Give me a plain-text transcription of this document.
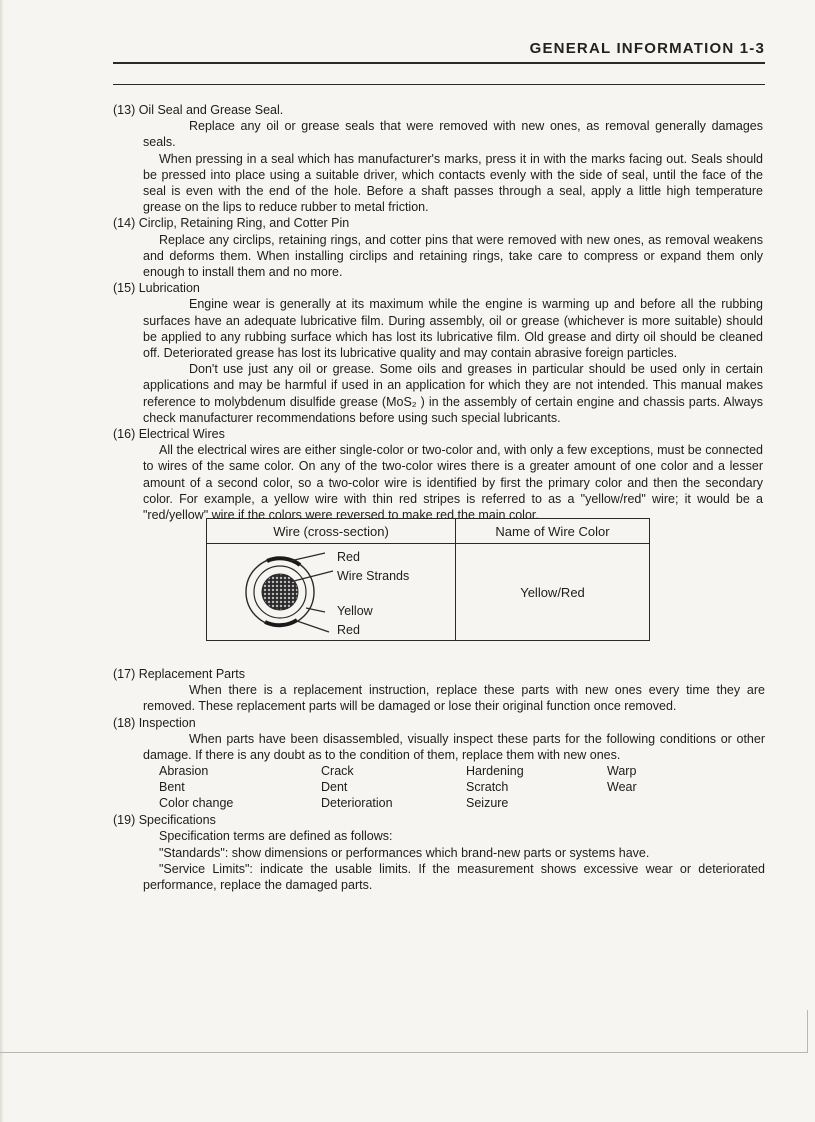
GENERAL INFORMATION 1-3

(13) Oil Seal and Grease Seal.

Replace any oil or grease seals that were removed with new ones, as removal generally damages seals.

When pressing in a seal which has manufacturer's marks, press it in with the marks facing out. Seals should be pressed into place using a suitable driver, which contacts evenly with the side of seal, until the face of the seal is even with the end of the hole. Before a shaft passes through a seal, apply a little high temperature grease on the lips to reduce rubber to metal friction.

(14) Circlip, Retaining Ring, and Cotter Pin

Replace any circlips, retaining rings, and cotter pins that were removed with new ones, as removal weakens and deforms them. When installing circlips and retaining rings, take care to compress or expand them only enough to install them and no more.

(15) Lubrication

Engine wear is generally at its maximum while the engine is warming up and before all the rubbing surfaces have an adequate lubricative film. During assembly, oil or grease (whichever is more suitable) should be applied to any rubbing surface which has lost its lubricative film. Old grease and dirty oil should be cleaned off. Deteriorated grease has lost its lubricative quality and may contain abrasive foreign particles.

Don't use just any oil or grease. Some oils and greases in particular should be used only in certain applications and may be harmful if used in an application for which they are not intended. This manual makes reference to molybdenum disulfide grease (MoS₂ ) in the assembly of certain engine and chassis parts. Always check manufacturer recommendations before using such special lubricants.

(16) Electrical Wires

All the electrical wires are either single-color or two-color and, with only a few exceptions, must be connected to wires of the same color. On any of the two-color wires there is a greater amount of one color and a lesser amount of a second color, so a two-color wire is identified by first the primary color and then the secondary color. For example, a yellow wire with thin red stripes is referred to as a "yellow/red" wire; it would be a "red/yellow" wire if the colors were reversed to make red the main color.

Wire (cross-section)	Name of Wire Color

Red
Wire Strands
Yellow
Red	Yellow/Red

(17) Replacement Parts

When there is a replacement instruction, replace these parts with new ones every time they are removed. These replacement parts will be damaged or lose their original function once removed.

(18) Inspection

When parts have been disassembled, visually inspect these parts for the following conditions or other damage. If there is any doubt as to the condition of them, replace them with new ones.

Abrasion	Crack	Hardening	Warp
Bent	Dent	Scratch	Wear
Color change	Deterioration	Seizure

(19) Specifications

Specification terms are defined as follows:

"Standards": show dimensions or performances which brand-new parts or systems have.

"Service Limits": indicate the usable limits. If the measurement shows excessive wear or deteriorated performance, replace the damaged parts.
